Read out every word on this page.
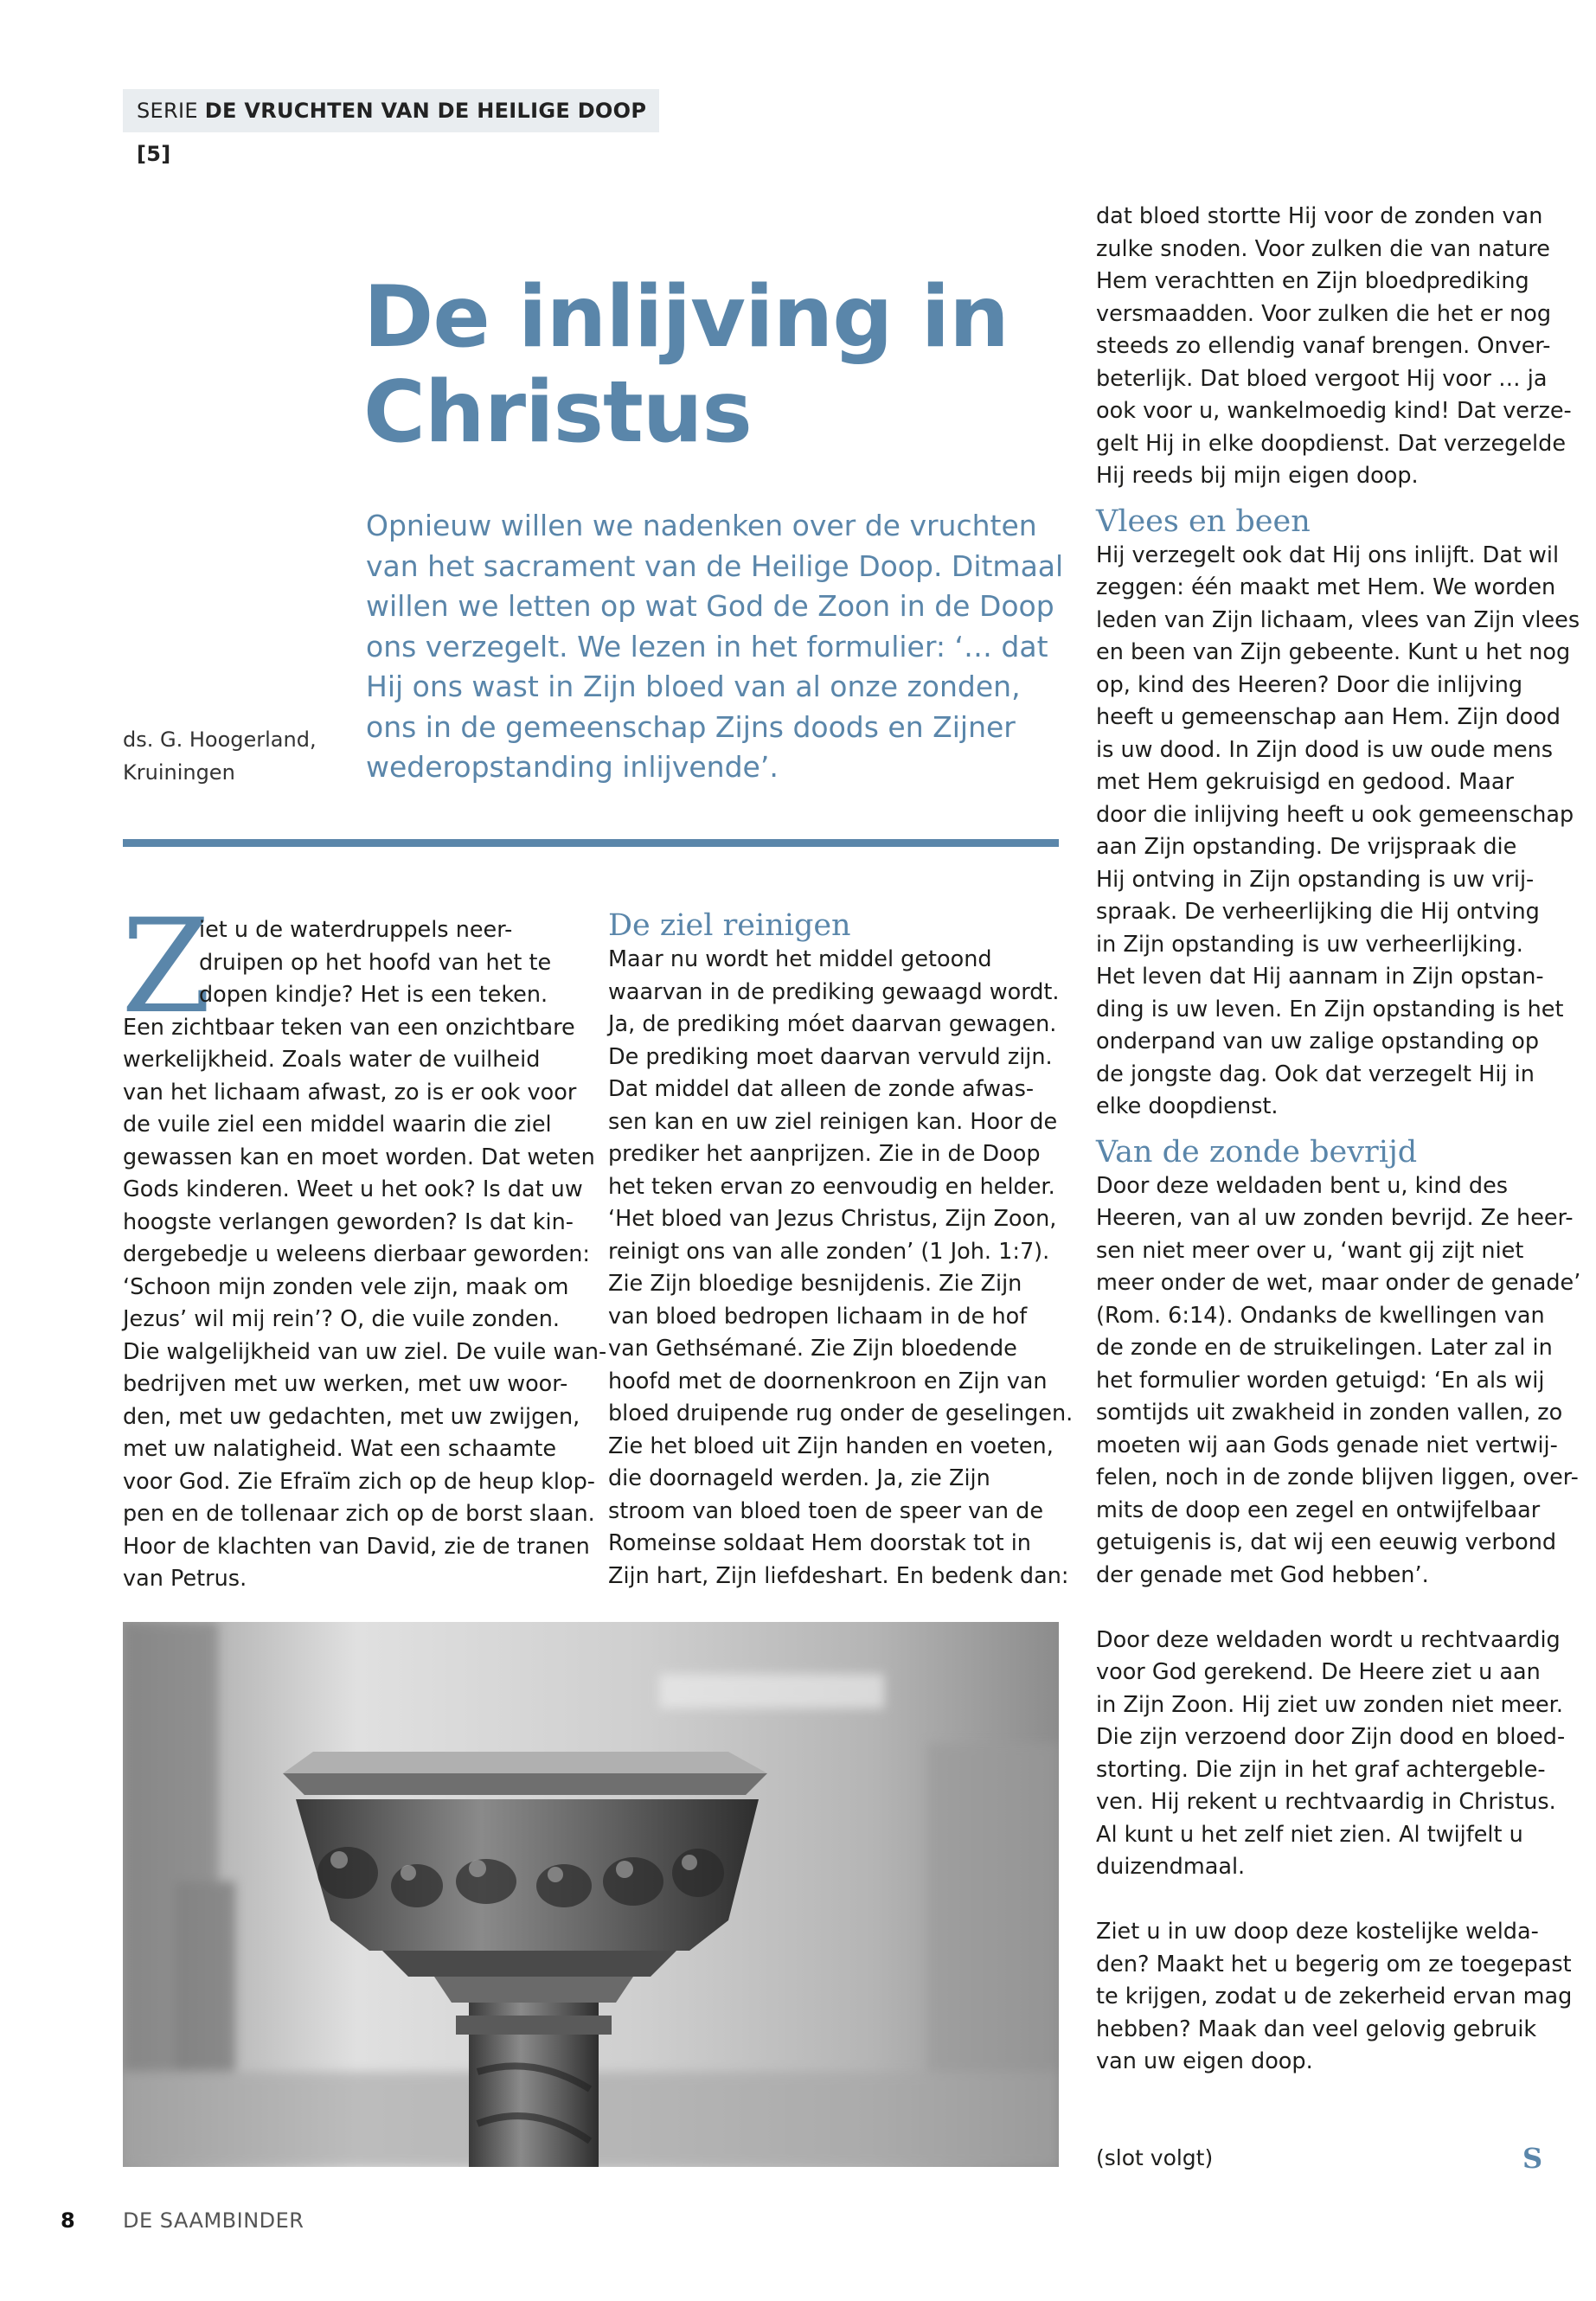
SERIE DE VRUCHTEN VAN DE HEILIGE DOOP [5]
De inlijving in
Christus
Opnieuw willen we nadenken over de vruchten
van het sacrament van de Heilige Doop. Ditmaal
willen we letten op wat God de Zoon in de Doop
ons verzegelt. We lezen in het formulier: ‘… dat
Hij ons wast in Zijn bloed van al onze zonden,
ons in de gemeenschap Zijns doods en Zijner
wederopstanding inlijvende’.
ds. G. Hoogerland,
Kruiningen
Z
iet u de waterdruppels neer-
druipen op het hoofd van het te
dopen kindje? Het is een teken.
Een zichtbaar teken van een onzichtbare
werkelijkheid. Zoals water de vuilheid
van het lichaam afwast, zo is er ook voor
de vuile ziel een middel waarin die ziel
gewassen kan en moet worden. Dat weten
Gods kinderen. Weet u het ook? Is dat uw
hoogste verlangen geworden? Is dat kin-
dergebedje u weleens dierbaar geworden:
‘Schoon mijn zonden vele zijn, maak om
Jezus’ wil mij rein’? O, die vuile zonden.
Die walgelijkheid van uw ziel. De vuile wan-
bedrijven met uw werken, met uw woor-
den, met uw gedachten, met uw zwijgen,
met uw nalatigheid. Wat een schaamte
voor God. Zie Efraïm zich op de heup klop-
pen en de tollenaar zich op de borst slaan.
Hoor de klachten van David, zie de tranen
van Petrus.
De ziel reinigen
Maar nu wordt het middel getoond
waarvan in de prediking gewaagd wordt.
Ja, de prediking móet daarvan gewagen.
De prediking moet daarvan vervuld zijn.
Dat middel dat alleen de zonde afwas-
sen kan en uw ziel reinigen kan. Hoor de
prediker het aanprijzen. Zie in de Doop
het teken ervan zo eenvoudig en helder.
‘Het bloed van Jezus Christus, Zijn Zoon,
reinigt ons van alle zonden’ (1 Joh. 1:7).
Zie Zijn bloedige besnijdenis. Zie Zijn
van bloed bedropen lichaam in de hof
van Gethsémané. Zie Zijn bloedende
hoofd met de doornenkroon en Zijn van
bloed druipende rug onder de geselingen.
Zie het bloed uit Zijn handen en voeten,
die doornageld werden. Ja, zie Zijn
stroom van bloed toen de speer van de
Romeinse soldaat Hem doorstak tot in
Zijn hart, Zijn liefdeshart. En bedenk dan:
dat bloed stortte Hij voor de zonden van
zulke snoden. Voor zulken die van nature
Hem verachtten en Zijn bloedprediking
versmaadden. Voor zulken die het er nog
steeds zo ellendig vanaf brengen. Onver-
beterlijk. Dat bloed vergoot Hij voor … ja
ook voor u, wankelmoedig kind! Dat verze-
gelt Hij in elke doopdienst. Dat verzegelde
Hij reeds bij mijn eigen doop.
Vlees en been
Hij verzegelt ook dat Hij ons inlijft. Dat wil
zeggen: één maakt met Hem. We worden
leden van Zijn lichaam, vlees van Zijn vlees
en been van Zijn gebeente. Kunt u het nog
op, kind des Heeren? Door die inlijving
heeft u gemeenschap aan Hem. Zijn dood
is uw dood. In Zijn dood is uw oude mens
met Hem gekruisigd en gedood. Maar
door die inlijving heeft u ook gemeenschap
aan Zijn opstanding. De vrijspraak die
Hij ontving in Zijn opstanding is uw vrij-
spraak. De verheerlijking die Hij ontving
in Zijn opstanding is uw verheerlijking.
Het leven dat Hij aannam in Zijn opstan-
ding is uw leven. En Zijn opstanding is het
onderpand van uw zalige opstanding op
de jongste dag. Ook dat verzegelt Hij in
elke doopdienst.
Van de zonde bevrijd
Door deze weldaden bent u, kind des
Heeren, van al uw zonden bevrijd. Ze heer-
sen niet meer over u, ‘want gij zijt niet
meer onder de wet, maar onder de genade’
(Rom. 6:14). Ondanks de kwellingen van
de zonde en de struikelingen. Later zal in
het formulier worden getuigd: ‘En als wij
somtijds uit zwakheid in zonden vallen, zo
moeten wij aan Gods genade niet vertwij-
felen, noch in de zonde blijven liggen, over-
mits de doop een zegel en ontwijfelbaar
getuigenis is, dat wij een eeuwig verbond
der genade met God hebben’.
Door deze weldaden wordt u rechtvaardig
voor God gerekend. De Heere ziet u aan
in Zijn Zoon. Hij ziet uw zonden niet meer.
Die zijn verzoend door Zijn dood en bloed-
storting. Die zijn in het graf achtergeble-
ven. Hij rekent u rechtvaardig in Christus.
Al kunt u het zelf niet zien. Al twijfelt u
duizendmaal.
Ziet u in uw doop deze kostelijke welda-
den? Maakt het u begerig om ze toegepast
te krijgen, zodat u de zekerheid ervan mag
hebben? Maak dan veel gelovig gebruik
van uw eigen doop.
(slot volgt)	S
8 DE SAAMBINDER
